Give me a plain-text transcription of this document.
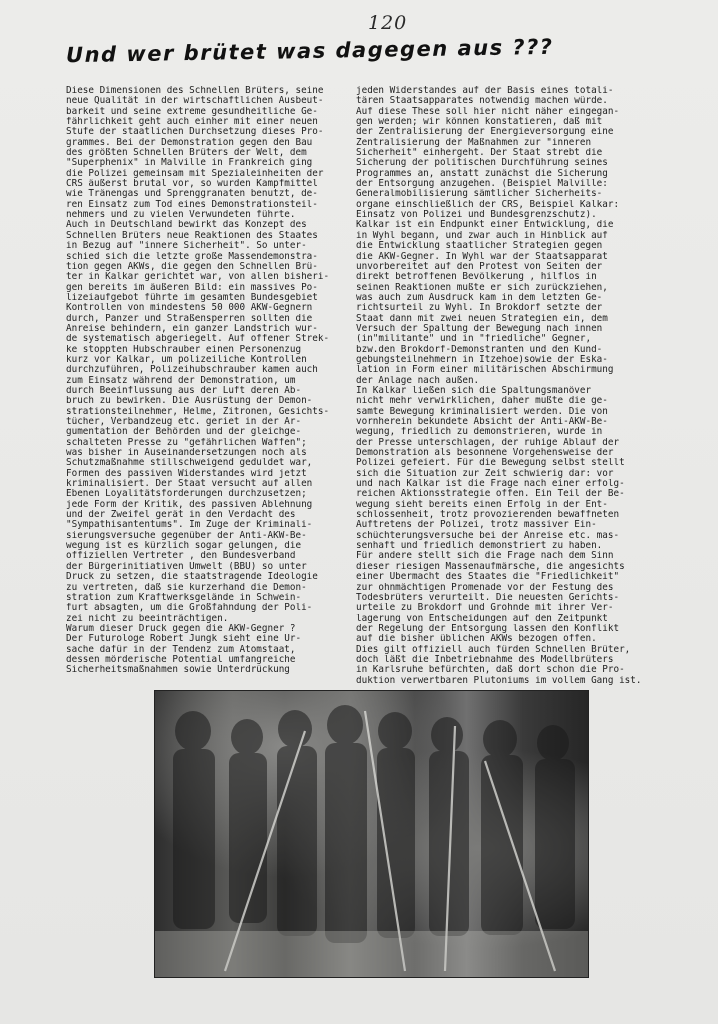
120
Und wer brütet was dagegen aus ???
Diese Dimensionen des Schnellen Brüters, seine
neue Qualität in der wirtschaftlichen Ausbeut-
barkeit und seine extreme gesundheitliche Ge-
fährlichkeit geht auch einher mit einer neuen
Stufe der staatlichen Durchsetzung dieses Pro-
grammes. Bei der Demonstration gegen den Bau
des größten Schnellen Brüters der Welt, dem
"Superphenix" in Malville in Frankreich ging
die Polizei gemeinsam mit Spezialeinheiten der
CRS äußerst brutal vor, so wurden Kampfmittel
wie Tränengas und Sprenggranaten benutzt, de-
ren Einsatz zum Tod eines Demonstrationsteil-
nehmers und zu vielen Verwundeten führte.
Auch in Deutschland bewirkt das Konzept des
Schnellen Brüters neue Reaktionen des Staates
in Bezug auf "innere Sicherheit". So unter-
schied sich die letzte große Massendemonstra-
tion gegen AKWs, die gegen den Schnellen Brü-
ter in Kalkar gerichtet war, von allen bisheri-
gen bereits im äußeren Bild: ein massives Po-
lizeiaufgebot führte im gesamten Bundesgebiet
Kontrollen von mindestens 50 000 AKW-Gegnern
durch, Panzer und Straßensperren sollten die
Anreise behindern, ein ganzer Landstrich wur-
de systematisch abgeriegelt. Auf offener Strek-
ke stoppten Hubschrauber einen Personenzug
kurz vor Kalkar, um polizeiliche Kontrollen
durchzuführen, Polizeihubschrauber kamen auch
zum Einsatz während der Demonstration, um
durch Beeinflussung aus der Luft deren Ab-
bruch zu bewirken. Die Ausrüstung der Demon-
strationsteilnehmer, Helme, Zitronen, Gesichts-
tücher, Verbandzeug etc. geriet in der Ar-
gumentation der Behörden und der gleichge-
schalteten Presse zu "gefährlichen Waffen";
was bisher in Auseinandersetzungen noch als
Schutzmaßnahme stillschweigend geduldet war,
Formen des passiven Widerstandes wird jetzt
kriminalisiert. Der Staat versucht auf allen
Ebenen Loyalitätsforderungen durchzusetzen;
jede Form der Kritik, des passiven Ablehnung
und der Zweifel gerät in den Verdacht des
"Sympathisantentums". Im Zuge der Kriminali-
sierungsversuche gegenüber der Anti-AKW-Be-
wegung ist es kürzlich sogar gelungen, die
offiziellen Vertreter , den Bundesverband
der Bürgerinitiativen Umwelt (BBU) so unter
Druck zu setzen, die staatstragende Ideologie
zu vertreten, daß sie kurzerhand die Demon-
stration zum Kraftwerksgelände in Schwein-
furt absagten, um die Großfahndung der Poli-
zei nicht zu beeinträchtigen.
Warum dieser Druck gegen die AKW-Gegner ?
Der Futurologe Robert Jungk sieht eine Ur-
sache dafür in der Tendenz zum Atomstaat,
dessen mörderische Potential umfangreiche
Sicherheitsmaßnahmen sowie Unterdrückung
jeden Widerstandes auf der Basis eines totali-
tären Staatsapparates notwendig machen würde.
Auf diese These soll hier nicht näher eingegan-
gen werden; wir können konstatieren, daß mit
der Zentralisierung der Energieversorgung eine
Zentralisierung der Maßnahmen zur "inneren
Sicherheit" einhergeht. Der Staat strebt die
Sicherung der politischen Durchführung seines
Programmes an, anstatt zunächst die Sicherung
der Entsorgung anzugehen. (Beispiel Malville:
Generalmobilisierung sämtlicher Sicherheits-
organe einschließlich der CRS, Beispiel Kalkar:
Einsatz von Polizei und Bundesgrenzschutz).
Kalkar ist ein Endpunkt einer Entwicklung, die
in Wyhl begann, und zwar auch in Hinblick auf
die Entwicklung staatlicher Strategien gegen
die AKW-Gegner. In Wyhl war der Staatsapparat
unvorbereitet auf den Protest von Seiten der
direkt betroffenen Bevölkerung , hilflos in
seinen Reaktionen mußte er sich zurückziehen,
was auch zum Ausdruck kam in dem letzten Ge-
richtsurteil zu Wyhl. In Brokdorf setzte der
Staat dann mit zwei neuen Strategien ein, dem
Versuch der Spaltung der Bewegung nach innen
(in"militante" und in "friedliche" Gegner,
bzw.den Brokdorf-Demonstranten und den Kund-
gebungsteilnehmern in Itzehoe)sowie der Eska-
lation in Form einer militärischen Abschirmung
der Anlage nach außen.
In Kalkar ließen sich die Spaltungsmanöver
nicht mehr verwirklichen, daher mußte die ge-
samte Bewegung kriminalisiert werden. Die von
vornherein bekundete Absicht der Anti-AKW-Be-
wegung, friedlich zu demonstrieren, wurde in
der Presse unterschlagen, der ruhige Ablauf der
Demonstration als besonnene Vorgehensweise der
Polizei gefeiert. Für die Bewegung selbst stellt
sich die Situation zur Zeit schwierig dar: vor
und nach Kalkar ist die Frage nach einer erfolg-
reichen Aktionsstrategie offen. Ein Teil der Be-
wegung sieht bereits einen Erfolg in der Ent-
schlossenheit, trotz provozierenden bewaffneten
Auftretens der Polizei, trotz massiver Ein-
schüchterungsversuche bei der Anreise etc. mas-
senhaft und friedlich demonstriert zu haben.
Für andere stellt sich die Frage nach dem Sinn
dieser riesigen Massenaufmärsche, die angesichts
einer Übermacht des Staates die "Friedlichkeit"
zur ohnmächtigen Promenade vor der Festung des
Todesbrüters verurteilt. Die neuesten Gerichts-
urteile zu Brokdorf und Grohnde mit ihrer Ver-
lagerung von Entscheidungen auf den Zeitpunkt
der Regelung der Entsorgung lassen den Konflikt
auf die bisher üblichen AKWs bezogen offen.
Dies gilt offiziell auch fürden Schnellen Brüter,
doch läßt die Inbetriebnahme des Modellbrüters
in Karlsruhe befürchten, daß dort schon die Pro-
duktion verwertbaren Plutoniums im vollem Gang ist.
